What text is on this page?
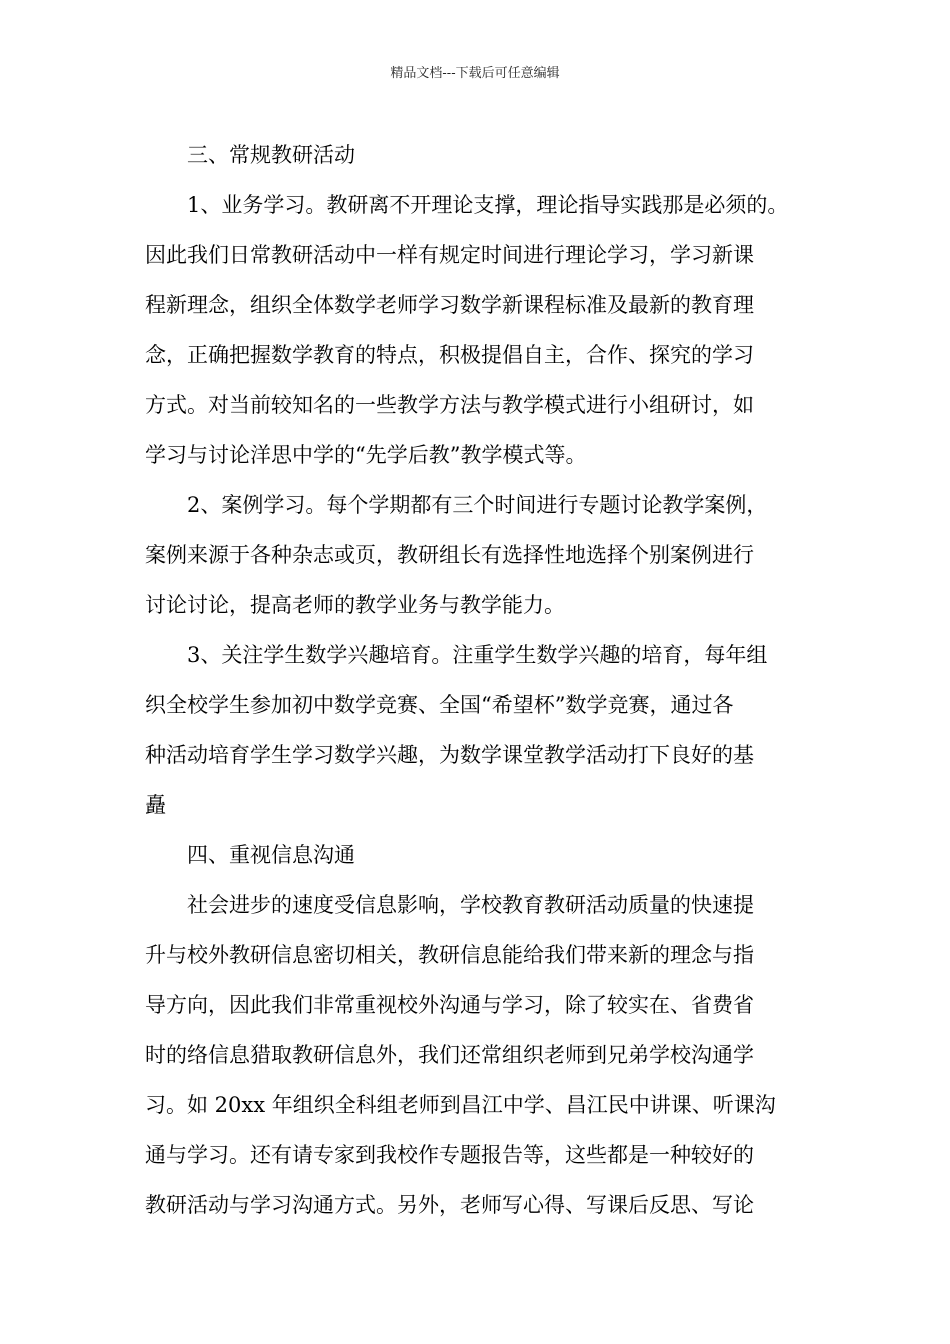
精品文档---下载后可任意编辑
三、常规教研活动
1、业务学习。教研离不开理论支撑，理论指导实践那是必须的。
因此我们日常教研活动中一样有规定时间进行理论学习，学习新课
程新理念，组织全体数学老师学习数学新课程标准及最新的教育理
念，正确把握数学教育的特点，积极提倡自主，合作、探究的学习
方式。对当前较知名的一些教学方法与教学模式进行小组研讨，如
学习与讨论洋思中学的“先学后教”教学模式等。
2、案例学习。每个学期都有三个时间进行专题讨论教学案例，
案例来源于各种杂志或页，教研组长有选择性地选择个别案例进行
讨论讨论，提高老师的教学业务与教学能力。
3、关注学生数学兴趣培育。注重学生数学兴趣的培育，每年组
织全校学生参加初中数学竞赛、全国“希望杯”数学竞赛，通过各
种活动培育学生学习数学兴趣，为数学课堂教学活动打下良好的基
矗
四、重视信息沟通
社会进步的速度受信息影响，学校教育教研活动质量的快速提
升与校外教研信息密切相关，教研信息能给我们带来新的理念与指
导方向，因此我们非常重视校外沟通与学习，除了较实在、省费省
时的络信息猎取教研信息外，我们还常组织老师到兄弟学校沟通学
习。如 20xx 年组织全科组老师到昌江中学、昌江民中讲课、听课沟
通与学习。还有请专家到我校作专题报告等，这些都是一种较好的
教研活动与学习沟通方式。另外，老师写心得、写课后反思、写论
